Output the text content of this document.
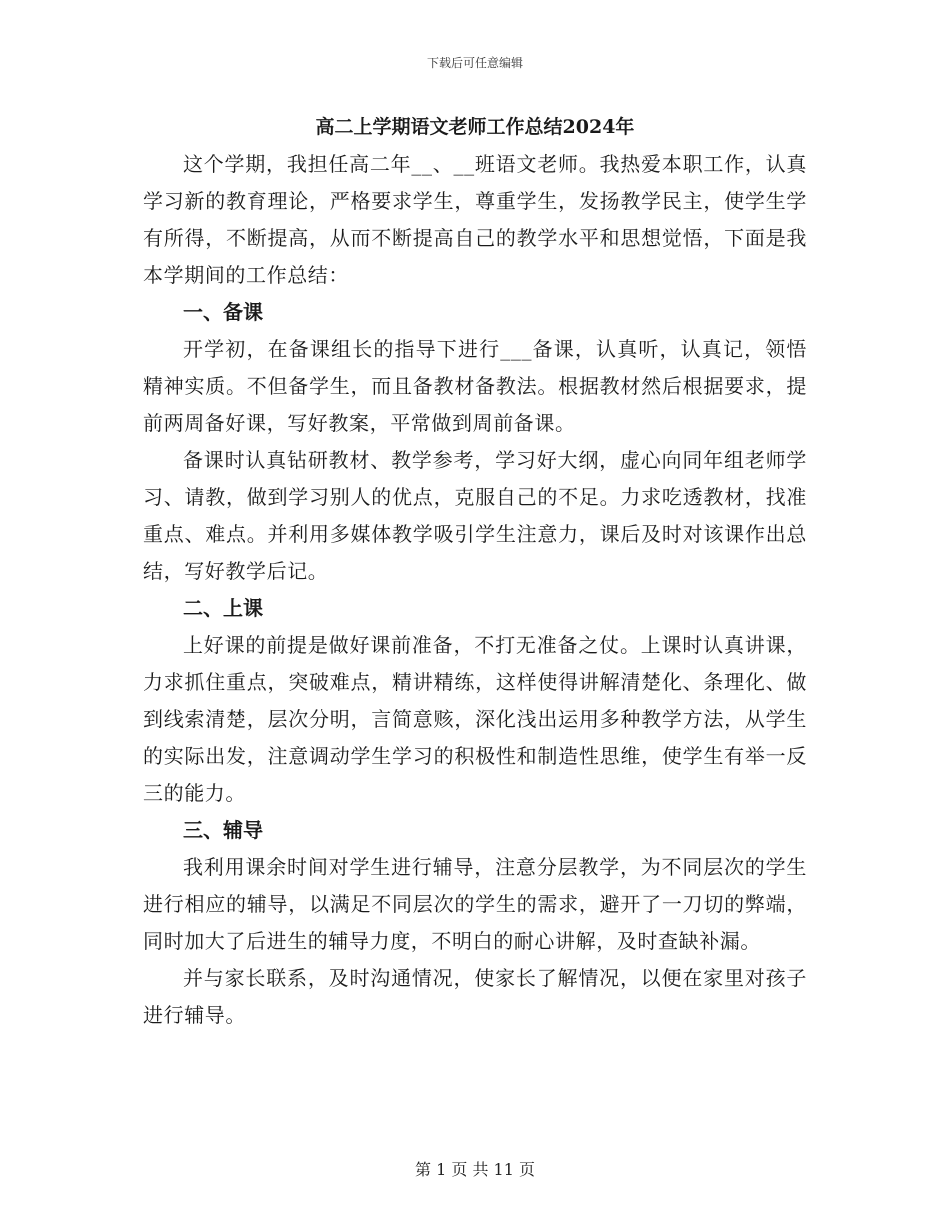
下载后可任意编辑
高二上学期语文老师工作总结2024年

这个学期，我担任高二年__、__班语文老师。我热爱本职工作，认真学习新的教育理论，严格要求学生，尊重学生，发扬教学民主，使学生学有所得，不断提高，从而不断提高自己的教学水平和思想觉悟，下面是我本学期间的工作总结：

一、备课

开学初，在备课组长的指导下进行___备课，认真听，认真记，领悟精神实质。不但备学生，而且备教材备教法。根据教材然后根据要求，提前两周备好课，写好教案，平常做到周前备课。

备课时认真钻研教材、教学参考，学习好大纲，虚心向同年组老师学习、请教，做到学习别人的优点，克服自己的不足。力求吃透教材，找准重点、难点。并利用多媒体教学吸引学生注意力，课后及时对该课作出总结，写好教学后记。

二、上课

上好课的前提是做好课前准备，不打无准备之仗。上课时认真讲课，力求抓住重点，突破难点，精讲精练，这样使得讲解清楚化、条理化、做到线索清楚，层次分明，言简意赅，深化浅出运用多种教学方法，从学生的实际出发，注意调动学生学习的积极性和制造性思维，使学生有举一反三的能力。

三、辅导

我利用课余时间对学生进行辅导，注意分层教学，为不同层次的学生进行相应的辅导，以满足不同层次的学生的需求，避开了一刀切的弊端，同时加大了后进生的辅导力度，不明白的耐心讲解，及时查缺补漏。

并与家长联系，及时沟通情况，使家长了解情况，以便在家里对孩子进行辅导。

第 1 页 共 11 页
